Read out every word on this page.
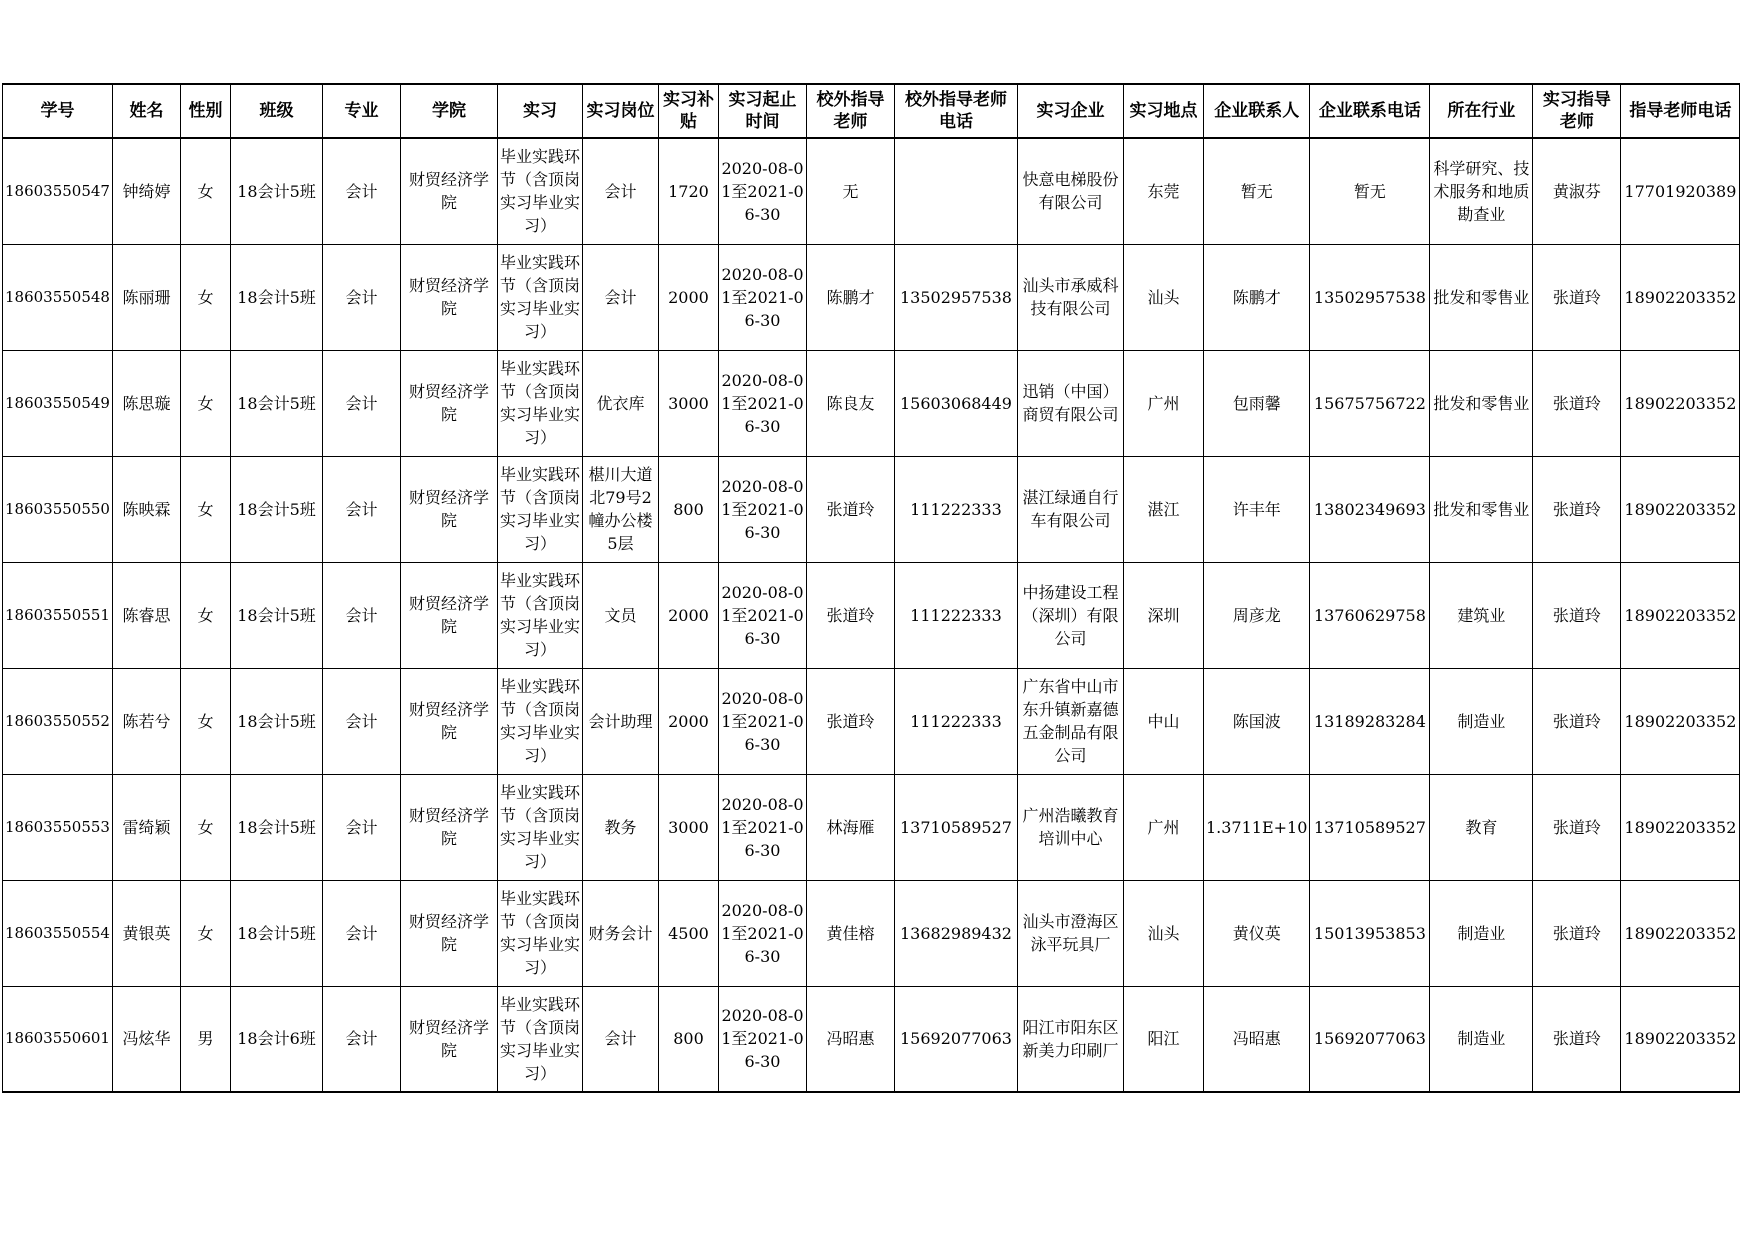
学号	姓名	性别	班级	专业	学院	实习	实习岗位	实习补贴	实习起止时间	校外指导老师	校外指导老师电话	实习企业	实习地点	企业联系人	企业联系电话	所在行业	实习指导老师	指导老师电话
18603550547	钟绮婷	女	18会计5班	会计	财贸经济学院	毕业实践环节（含顶岗实习毕业实习）	会计	1720	2020-08-01至2021-06-30	无		快意电梯股份有限公司	东莞	暂无	暂无	科学研究、技术服务和地质勘查业	黄淑芬	17701920389
18603550548	陈丽珊	女	18会计5班	会计	财贸经济学院	毕业实践环节（含顶岗实习毕业实习）	会计	2000	2020-08-01至2021-06-30	陈鹏才	13502957538	汕头市承威科技有限公司	汕头	陈鹏才	13502957538	批发和零售业	张道玲	18902203352
18603550549	陈思璇	女	18会计5班	会计	财贸经济学院	毕业实践环节（含顶岗实习毕业实习）	优衣库	3000	2020-08-01至2021-06-30	陈良友	15603068449	迅销（中国）商贸有限公司	广州	包雨馨	15675756722	批发和零售业	张道玲	18902203352
18603550550	陈映霖	女	18会计5班	会计	财贸经济学院	毕业实践环节（含顶岗实习毕业实习）	椹川大道北79号2幢办公楼5层	800	2020-08-01至2021-06-30	张道玲	111222333	湛江绿通自行车有限公司	湛江	许丰年	13802349693	批发和零售业	张道玲	18902203352
18603550551	陈睿思	女	18会计5班	会计	财贸经济学院	毕业实践环节（含顶岗实习毕业实习）	文员	2000	2020-08-01至2021-06-30	张道玲	111222333	中扬建设工程（深圳）有限公司	深圳	周彦龙	13760629758	建筑业	张道玲	18902203352
18603550552	陈若兮	女	18会计5班	会计	财贸经济学院	毕业实践环节（含顶岗实习毕业实习）	会计助理	2000	2020-08-01至2021-06-30	张道玲	111222333	广东省中山市东升镇新嘉德五金制品有限公司	中山	陈国波	13189283284	制造业	张道玲	18902203352
18603550553	雷绮颖	女	18会计5班	会计	财贸经济学院	毕业实践环节（含顶岗实习毕业实习）	教务	3000	2020-08-01至2021-06-30	林海雁	13710589527	广州浩曦教育培训中心	广州	1.3711E+10	13710589527	教育	张道玲	18902203352
18603550554	黄银英	女	18会计5班	会计	财贸经济学院	毕业实践环节（含顶岗实习毕业实习）	财务会计	4500	2020-08-01至2021-06-30	黄佳榕	13682989432	汕头市澄海区泳平玩具厂	汕头	黄仪英	15013953853	制造业	张道玲	18902203352
18603550601	冯炫华	男	18会计6班	会计	财贸经济学院	毕业实践环节（含顶岗实习毕业实习）	会计	800	2020-08-01至2021-06-30	冯昭惠	15692077063	阳江市阳东区新美力印刷厂	阳江	冯昭惠	15692077063	制造业	张道玲	18902203352
